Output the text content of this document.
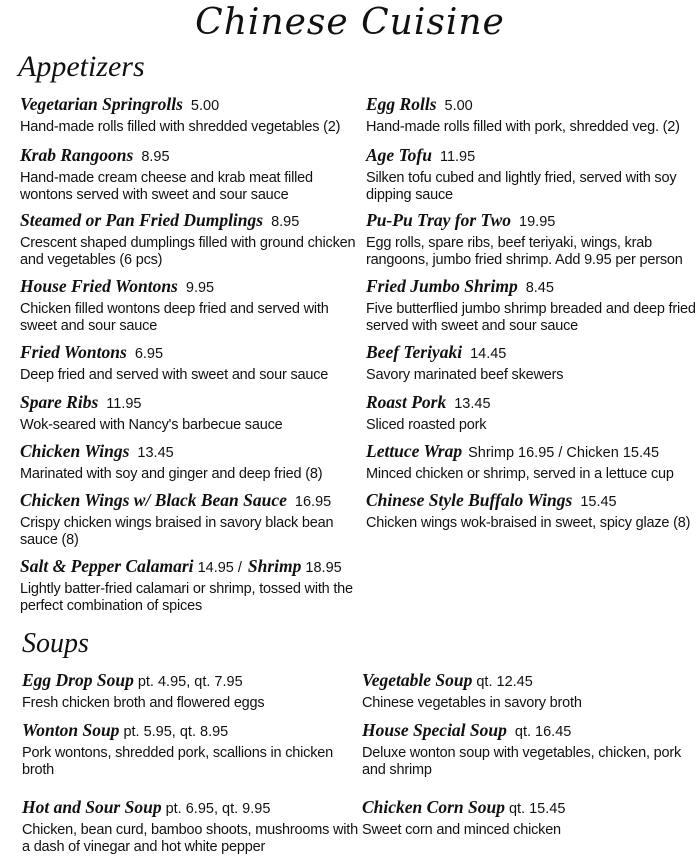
Chinese Cuisine
Appetizers
Vegetarian Springrolls 5.00
Hand-made rolls filled with shredded vegetables (2)
Krab Rangoons 8.95
Hand-made cream cheese and krab meat filled wontons served with sweet and sour sauce
Steamed or Pan Fried Dumplings 8.95
Crescent shaped dumplings filled with ground chicken and vegetables (6 pcs)
House Fried Wontons 9.95
Chicken filled wontons deep fried and served with sweet and sour sauce
Fried Wontons 6.95
Deep fried and served with sweet and sour sauce
Spare Ribs 11.95
Wok-seared with Nancy's barbecue sauce
Chicken Wings 13.45
Marinated with soy and ginger and deep fried (8)
Chicken Wings w/ Black Bean Sauce 16.95
Crispy chicken wings braised in savory black bean sauce (8)
Salt & Pepper Calamari 14.95 / Shrimp 18.95
Lightly batter-fried calamari or shrimp, tossed with the perfect combination of spices
Egg Rolls 5.00
Hand-made rolls filled with pork, shredded veg. (2)
Age Tofu 11.95
Silken tofu cubed and lightly fried, served with soy dipping sauce
Pu-Pu Tray for Two 19.95
Egg rolls, spare ribs, beef teriyaki, wings, krab rangoons, jumbo fried shrimp. Add 9.95 per person
Fried Jumbo Shrimp 8.45
Five butterflied jumbo shrimp breaded and deep fried served with sweet and sour sauce
Beef Teriyaki 14.45
Savory marinated beef skewers
Roast Pork 13.45
Sliced roasted pork
Lettuce Wrap Shrimp 16.95 / Chicken 15.45
Minced chicken or shrimp, served in a lettuce cup
Chinese Style Buffalo Wings 15.45
Chicken wings wok-braised in sweet, spicy glaze (8)
Soups
Egg Drop Soup pt. 4.95, qt. 7.95
Fresh chicken broth and flowered eggs
Wonton Soup pt. 5.95, qt. 8.95
Pork wontons, shredded pork, scallions in chicken broth
Hot and Sour Soup pt. 6.95, qt. 9.95
Chicken, bean curd, bamboo shoots, mushrooms with a dash of vinegar and hot white pepper
Vegetable Soup qt. 12.45
Chinese vegetables in savory broth
House Special Soup qt. 16.45
Deluxe wonton soup with vegetables, chicken, pork and shrimp
Chicken Corn Soup qt. 15.45
Sweet corn and minced chicken
